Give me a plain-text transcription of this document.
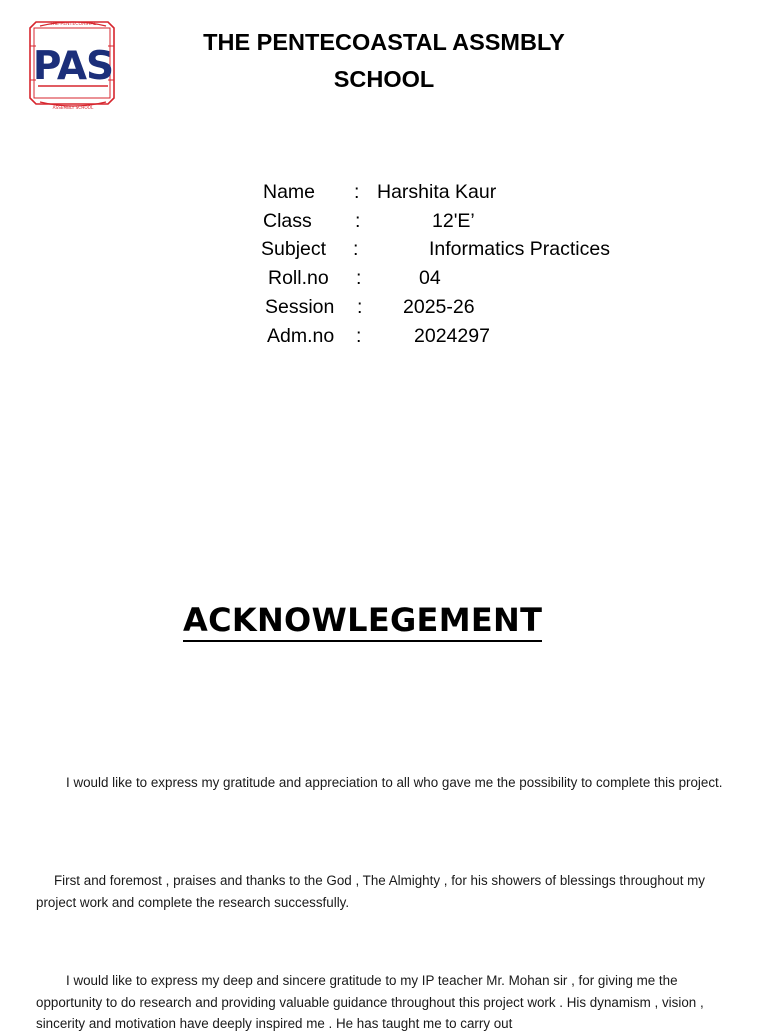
THE PENTECOASTAL
ASSEMBLY SCHOOL
PAS
THE PENTECOASTAL ASSMBLY
SCHOOL
Name : Harshita Kaur
Class :	12'E’
Subject :	Informatics Practices
Roll.no :	04
Session : 2025-26
Adm.no :	2024297
ACKNOWLEGEMENT
I would like to express my gratitude and appreciation to all who gave me the possibility to complete this project.
First and foremost , praises and thanks to the God , The Almighty , for his showers of blessings throughout my project work and complete the research successfully.
I would like to express my deep and sincere gratitude to my IP teacher Mr. Mohan sir , for giving me the opportunity to do research and providing valuable guidance throughout this project work . His dynamism , vision , sincerity and motivation have deeply inspired me . He has taught me to carry out
